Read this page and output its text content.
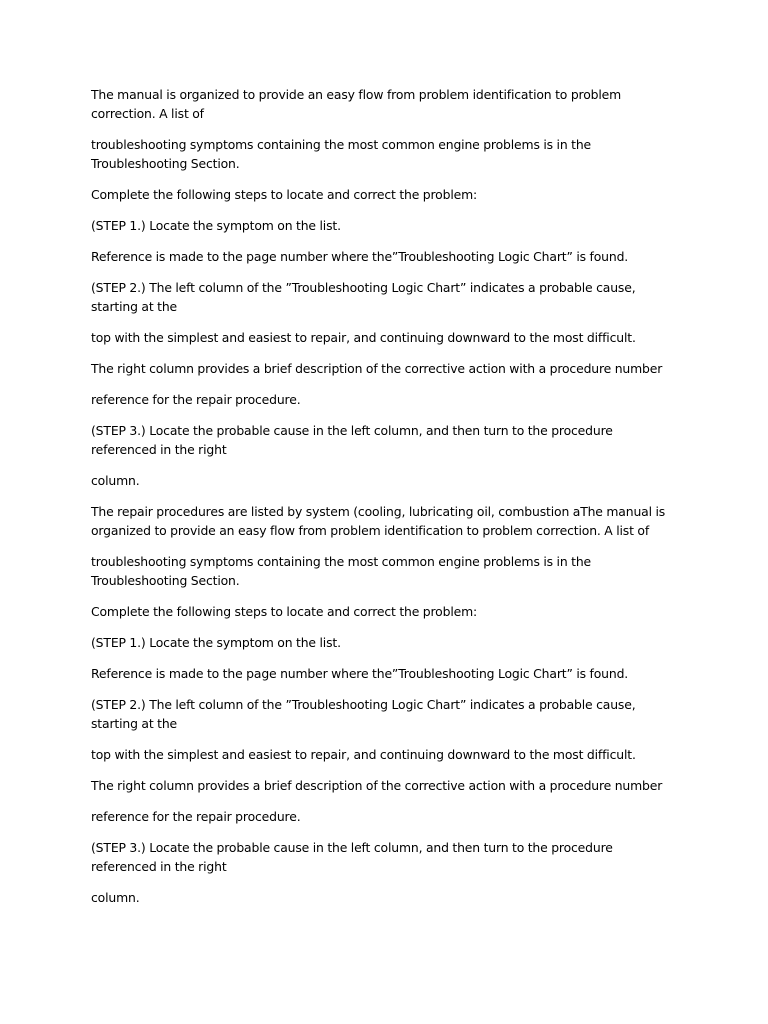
The manual is organized to provide an easy flow from problem identification to problem correction. A list of

troubleshooting symptoms containing the most common engine problems is in the Troubleshooting Section.

Complete the following steps to locate and correct the problem:

(STEP 1.) Locate the symptom on the list.

Reference is made to the page number where the”Troubleshooting Logic Chart” is found.

(STEP 2.) The left column of the ”Troubleshooting Logic Chart” indicates a probable cause, starting at the

top with the simplest and easiest to repair, and continuing downward to the most difficult.

The right column provides a brief description of the corrective action with a procedure number

reference for the repair procedure.

(STEP 3.) Locate the probable cause in the left column, and then turn to the procedure referenced in the right

column.

The repair procedures are listed by system (cooling, lubricating oil, combustion aThe manual is organized to provide an easy flow from problem identification to problem correction. A list of

troubleshooting symptoms containing the most common engine problems is in the Troubleshooting Section.

Complete the following steps to locate and correct the problem:

(STEP 1.) Locate the symptom on the list.

Reference is made to the page number where the”Troubleshooting Logic Chart” is found.

(STEP 2.) The left column of the ”Troubleshooting Logic Chart” indicates a probable cause, starting at the

top with the simplest and easiest to repair, and continuing downward to the most difficult.

The right column provides a brief description of the corrective action with a procedure number

reference for the repair procedure.

(STEP 3.) Locate the probable cause in the left column, and then turn to the procedure referenced in the right

column.
